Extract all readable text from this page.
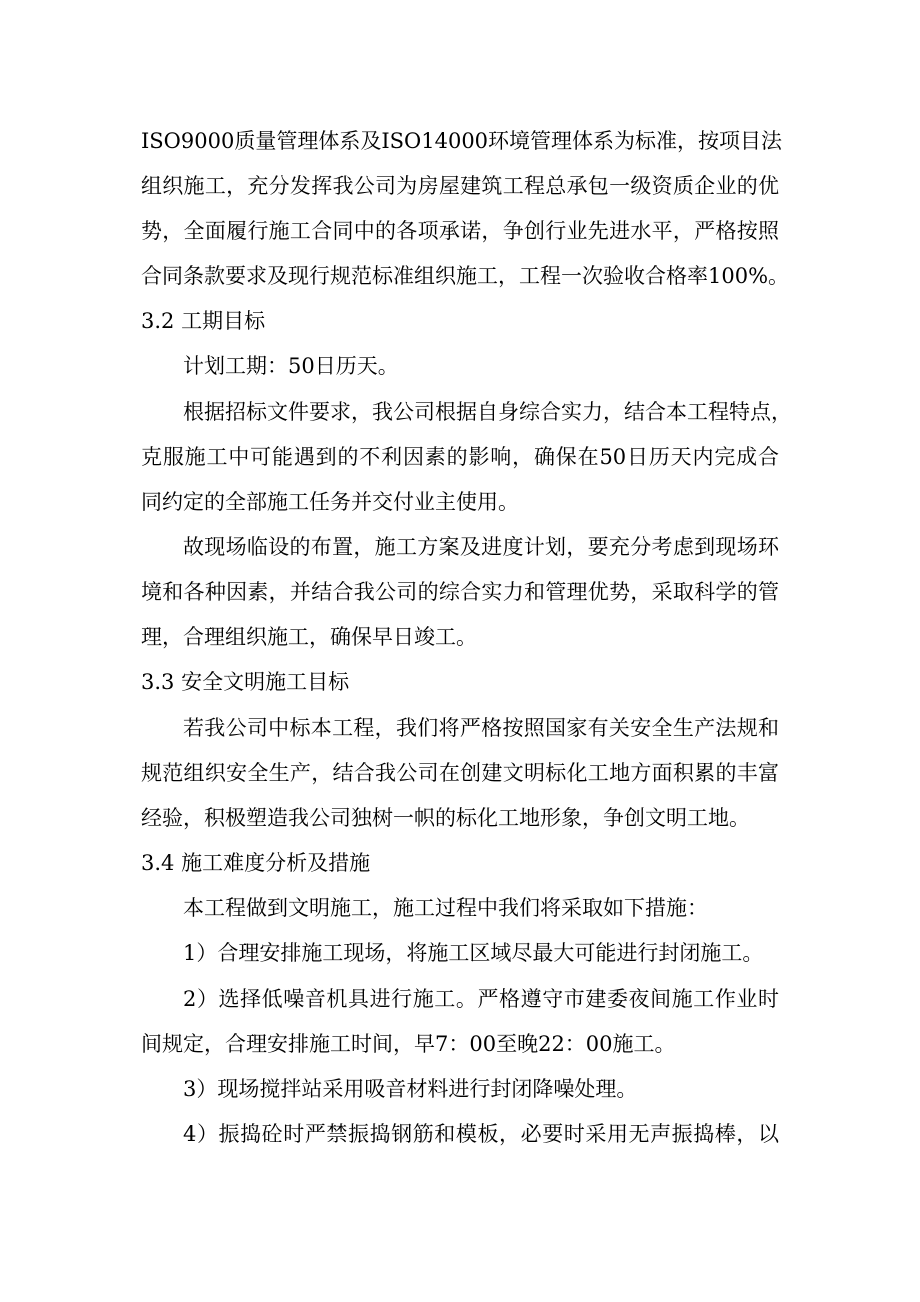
ISO9000质量管理体系及ISO14000环境管理体系为标准，按项目法
组织施工，充分发挥我公司为房屋建筑工程总承包一级资质企业的优
势，全面履行施工合同中的各项承诺，争创行业先进水平，严格按照
合同条款要求及现行规范标准组织施工，工程一次验收合格率100%。
3.2 工期目标
计划工期：50日历天。
根据招标文件要求，我公司根据自身综合实力，结合本工程特点，
克服施工中可能遇到的不利因素的影响，确保在50日历天内完成合
同约定的全部施工任务并交付业主使用。
故现场临设的布置，施工方案及进度计划，要充分考虑到现场环
境和各种因素，并结合我公司的综合实力和管理优势，采取科学的管
理，合理组织施工，确保早日竣工。
3.3 安全文明施工目标
若我公司中标本工程，我们将严格按照国家有关安全生产法规和
规范组织安全生产，结合我公司在创建文明标化工地方面积累的丰富
经验，积极塑造我公司独树一帜的标化工地形象，争创文明工地。
3.4 施工难度分析及措施
本工程做到文明施工，施工过程中我们将采取如下措施：
1）合理安排施工现场，将施工区域尽最大可能进行封闭施工。
2）选择低噪音机具进行施工。严格遵守市建委夜间施工作业时
间规定，合理安排施工时间，早7：00至晚22：00施工。
3）现场搅拌站采用吸音材料进行封闭降噪处理。
4）振捣砼时严禁振捣钢筋和模板，必要时采用无声振捣棒，以
